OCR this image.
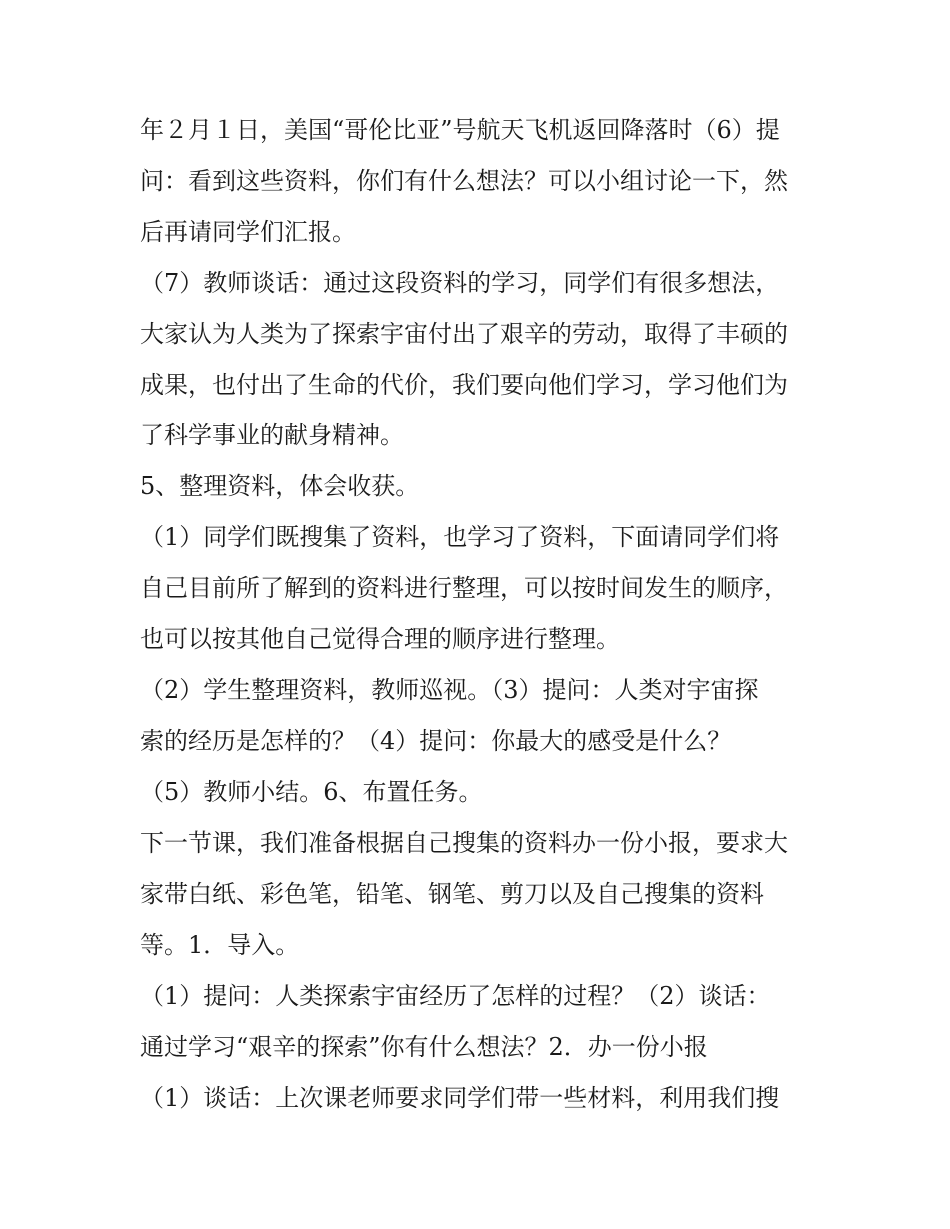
年２月１日，美国“哥伦比亚”号航天飞机返回降落时（6）提
问：看到这些资料，你们有什么想法？可以小组讨论一下，然
后再请同学们汇报。
（7）教师谈话：通过这段资料的学习，同学们有很多想法，
大家认为人类为了探索宇宙付出了艰辛的劳动，取得了丰硕的
成果，也付出了生命的代价，我们要向他们学习，学习他们为
了科学事业的献身精神。
5、整理资料，体会收获。
（1）同学们既搜集了资料，也学习了资料，下面请同学们将
自己目前所了解到的资料进行整理，可以按时间发生的顺序，
也可以按其他自己觉得合理的顺序进行整理。
（2）学生整理资料，教师巡视。（3）提问：人类对宇宙探
索的经历是怎样的？（4）提问：你最大的感受是什么？
（5）教师小结。6、布置任务。
下一节课，我们准备根据自己搜集的资料办一份小报，要求大
家带白纸、彩色笔，铅笔、钢笔、剪刀以及自己搜集的资料
等。1．导入。
（1）提问：人类探索宇宙经历了怎样的过程？（2）谈话：
通过学习“艰辛的探索”你有什么想法？2．办一份小报
（1）谈话：上次课老师要求同学们带一些材料，利用我们搜
